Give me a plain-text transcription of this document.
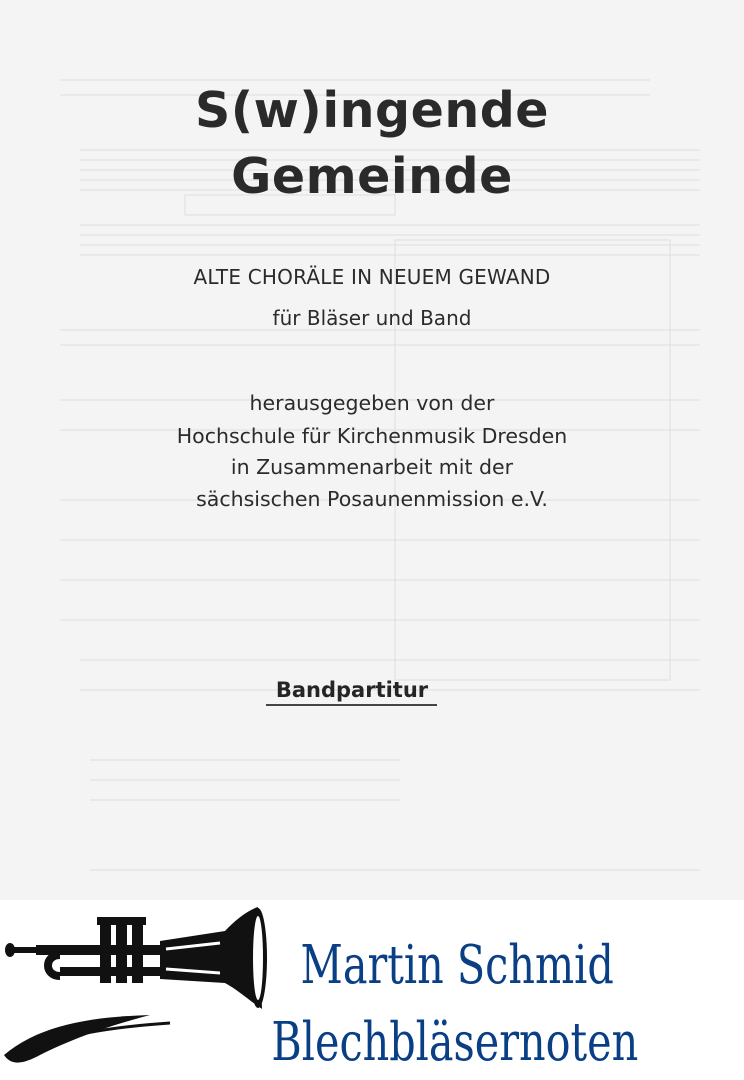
S(w)ingende
Gemeinde
ALTE CHORÄLE IN NEUEM GEWAND
für Bläser und Band
herausgegeben von der
Hochschule für Kirchenmusik Dresden
in Zusammenarbeit mit der
sächsischen Posaunenmission e.V.
Bandpartitur
Martin Schmid
Blechbläsernoten
